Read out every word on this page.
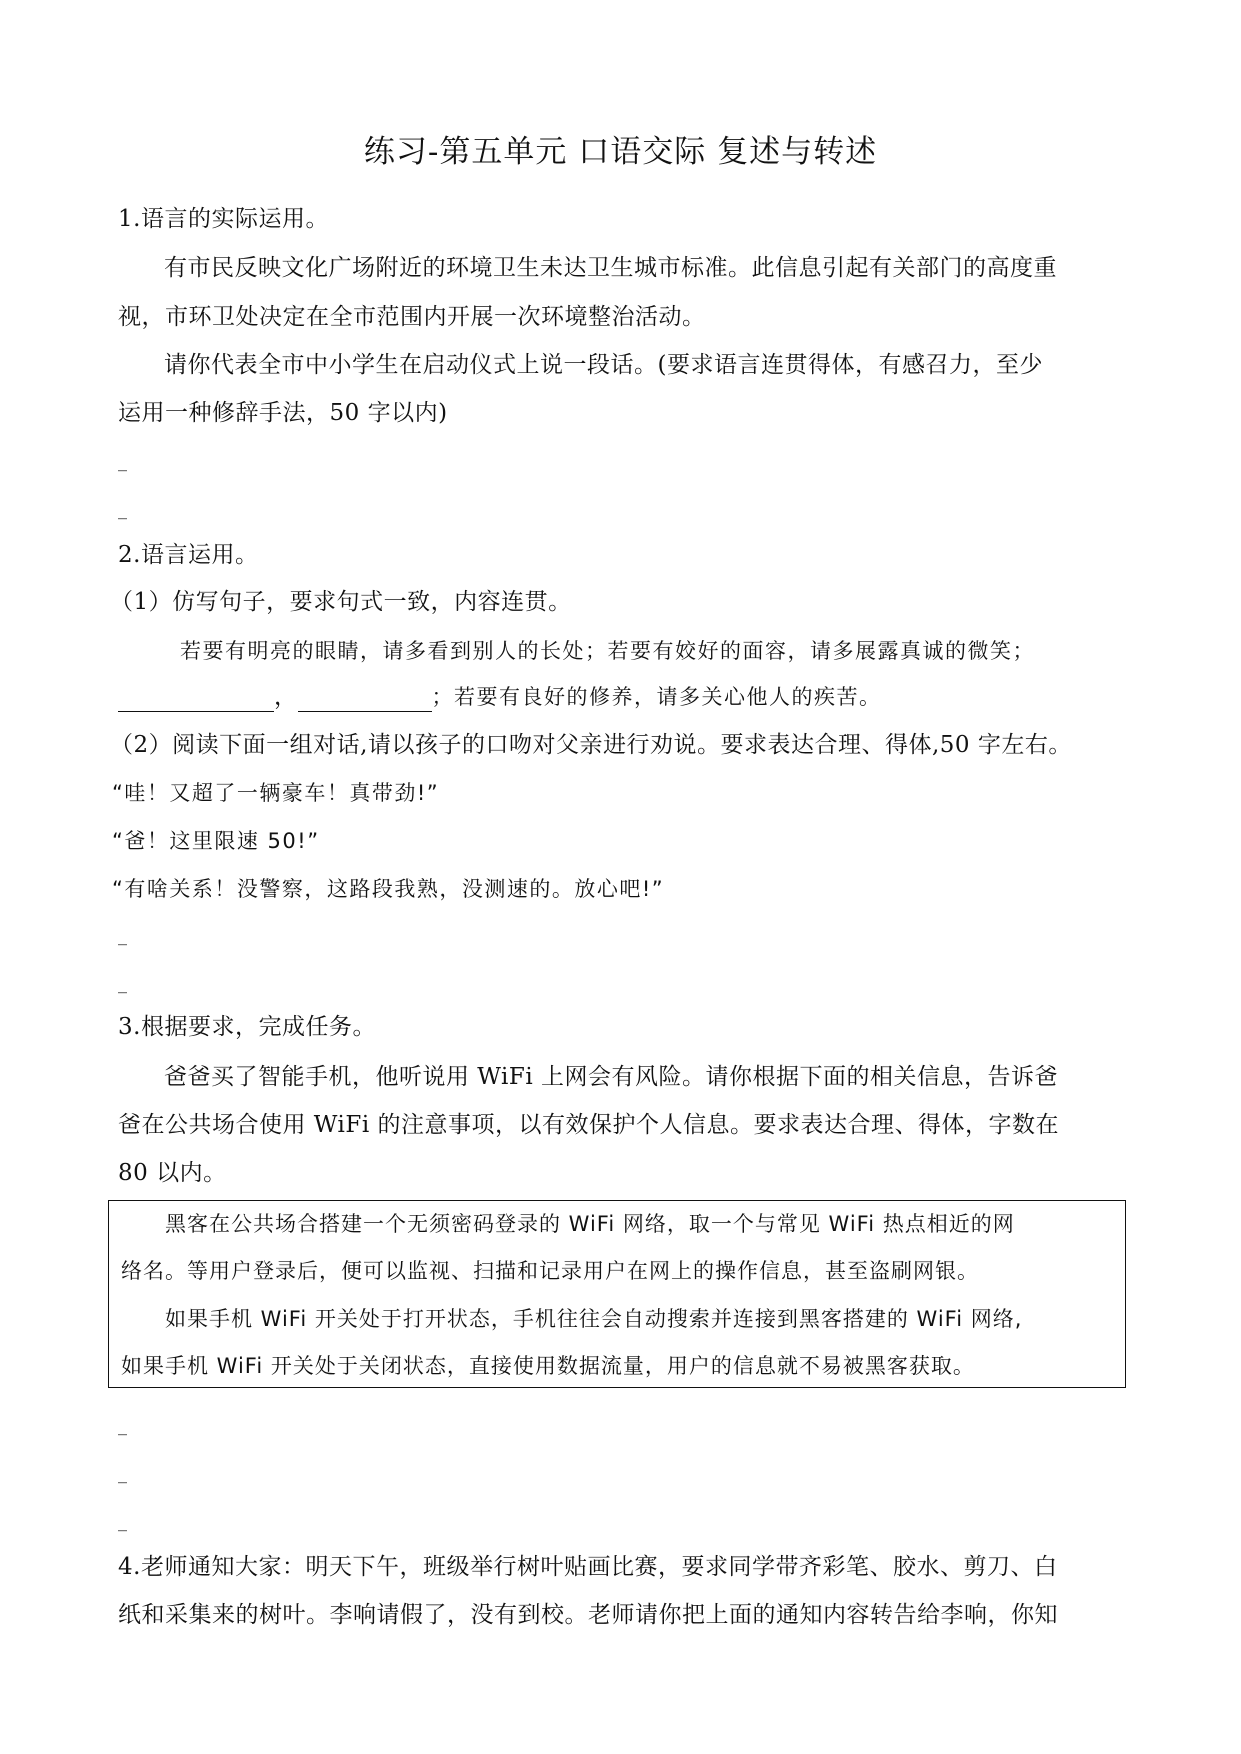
练习-第五单元 口语交际 复述与转述
1.语言的实际运用。
有市民反映文化广场附近的环境卫生未达卫生城市标准。此信息引起有关部门的高度重
视，市环卫处决定在全市范围内开展一次环境整治活动。
请你代表全市中小学生在启动仪式上说一段话。(要求语言连贯得体，有感召力，至少
运用一种修辞手法，50 字以内)
_
_
2.语言运用。
（1）仿写句子，要求句式一致，内容连贯。
若要有明亮的眼睛，请多看到别人的长处；若要有姣好的面容，请多展露真诚的微笑；
，	；若要有良好的修养，请多关心他人的疾苦。
（2）阅读下面一组对话,请以孩子的口吻对父亲进行劝说。要求表达合理、得体,50 字左右。
“哇！又超了一辆豪车！真带劲!”
“爸！这里限速 50!”
“有啥关系！没警察，这路段我熟，没测速的。放心吧!”
_
_
3.根据要求，完成任务。
爸爸买了智能手机，他听说用 WiFi 上网会有风险。请你根据下面的相关信息，告诉爸
爸在公共场合使用 WiFi 的注意事项，以有效保护个人信息。要求表达合理、得体，字数在
80 以内。
黑客在公共场合搭建一个无须密码登录的 WiFi 网络，取一个与常见 WiFi 热点相近的网
络名。等用户登录后，便可以监视、扫描和记录用户在网上的操作信息，甚至盗刷网银。
如果手机 WiFi 开关处于打开状态，手机往往会自动搜索并连接到黑客搭建的 WiFi 网络,
如果手机 WiFi 开关处于关闭状态，直接使用数据流量，用户的信息就不易被黑客获取。
_
_
_
4.老师通知大家：明天下午，班级举行树叶贴画比赛，要求同学带齐彩笔、胶水、剪刀、白
纸和采集来的树叶。李响请假了，没有到校。老师请你把上面的通知内容转告给李响，你知
